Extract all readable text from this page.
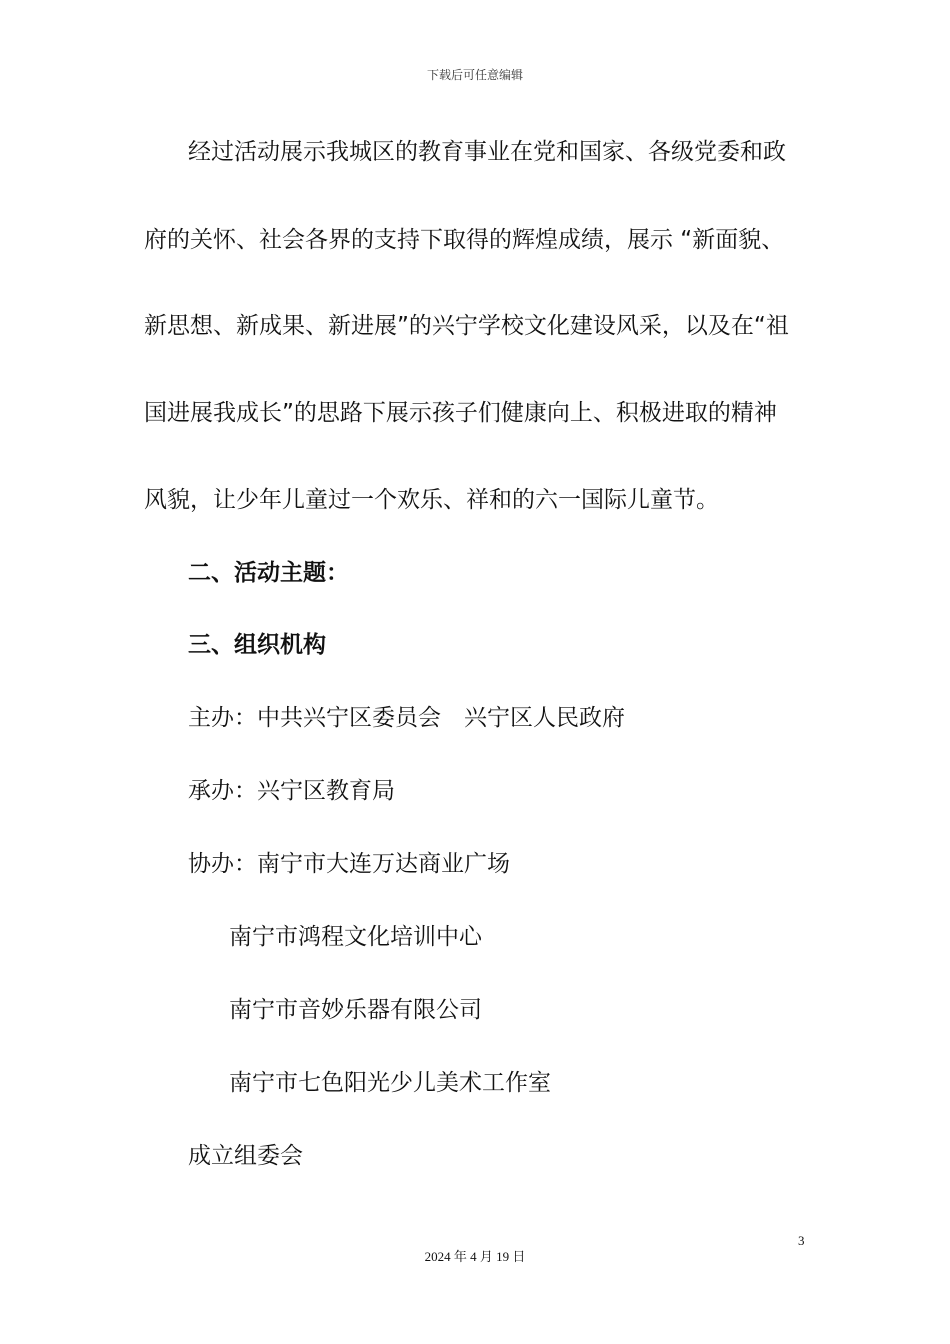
下载后可任意编辑
经过活动展示我城区的教育事业在党和国家、各级党委和政
府的关怀、社会各界的支持下取得的辉煌成绩，展示 “新面貌、
新思想、新成果、新进展”的兴宁学校文化建设风采，以及在“祖
国进展我成长”的思路下展示孩子们健康向上、积极进取的精神
风貌，让少年儿童过一个欢乐、祥和的六一国际儿童节。
二、活动主题：
三、组织机构
主办：中共兴宁区委员会　兴宁区人民政府
承办：兴宁区教育局
协办：南宁市大连万达商业广场
南宁市鸿程文化培训中心
南宁市音妙乐器有限公司
南宁市七色阳光少儿美术工作室
成立组委会
3
2024 年 4 月 19 日
